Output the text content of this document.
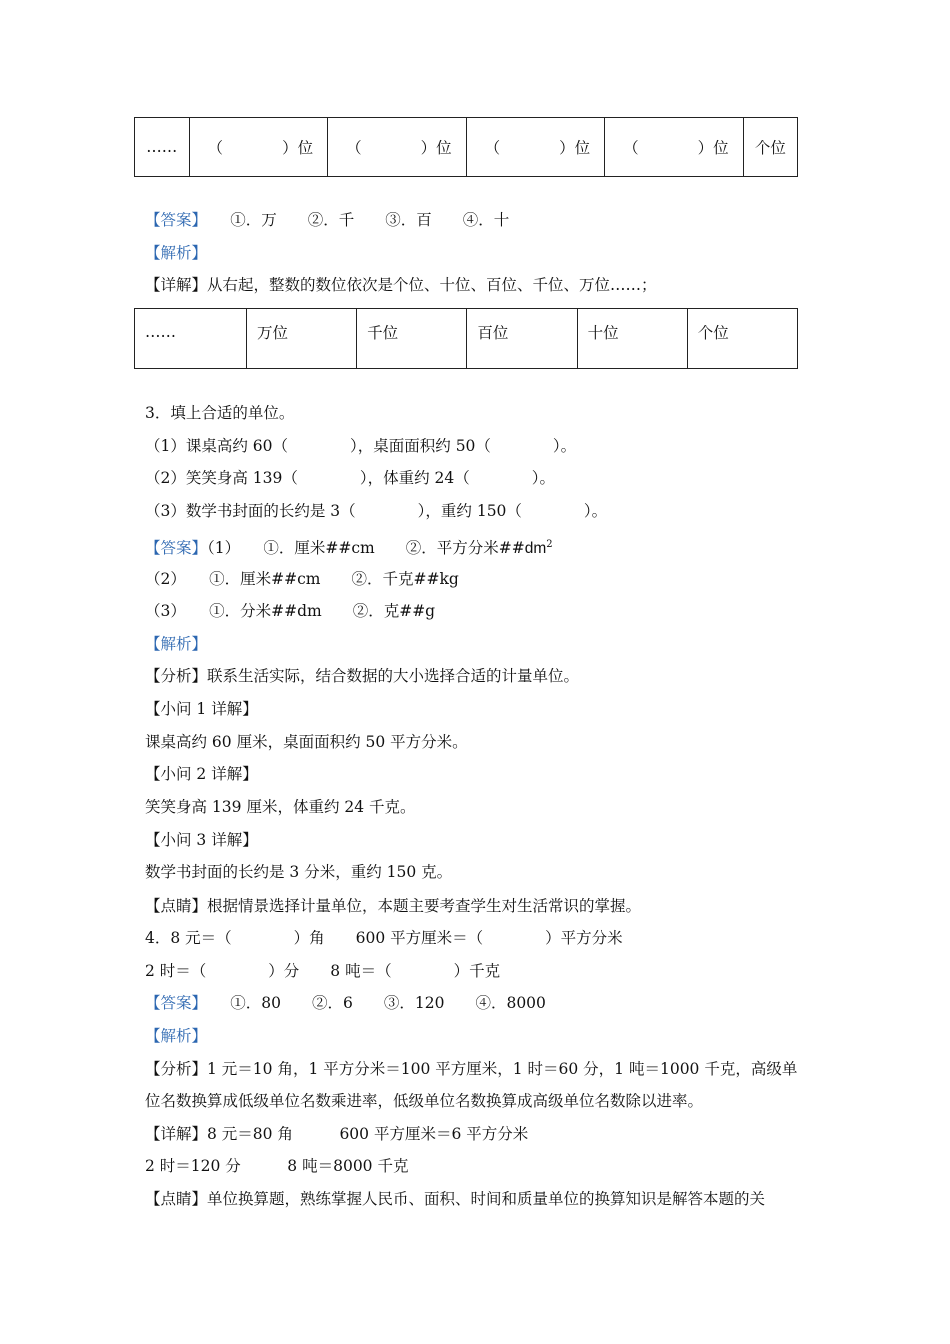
……	（	）位	（	）位	（	）位	（	）位	个位
【答案】　　 ①．万　　②．千　　③．百　　④．十
【解析】
【详解】从右起，整数的数位依次是个位、十位、百位、千位、万位……；
……	万位	千位	百位	十位	个位
3．填上合适的单位。
（1）课桌高约 60（　　　　），桌面面积约 50（　　　　）。
（2）笑笑身高 139（　　　　），体重约 24（　　　　）。
（3）数学书封面的长约是 3（　　　　），重约 150（　　　　）。
【答案】（1）　　①．厘米##cm　　②．平方分米$\#\#dm^2$
（2）　　①．厘米##cm　　②．千克##kg
（3）　　①．分米##dm　　②．克##g
【解析】
【分析】联系生活实际，结合数据的大小选择合适的计量单位。
【小问 1 详解】
课桌高约 60 厘米，桌面面积约 50 平方分米。
【小问 2 详解】
笑笑身高 139 厘米，体重约 24 千克。
【小问 3 详解】
数学书封面的长约是 3 分米，重约 150 克。
【点睛】根据情景选择计量单位，本题主要考查学生对生活常识的掌握。
4．8 元＝（　　　　）角　　600 平方厘米＝（　　　　）平方分米
2 时＝（　　　　）分　　8 吨＝（　　　　）千克
【答案】　　 ①．80　　②．6　　③．120　　④．8000
【解析】
【分析】1 元＝10 角，1 平方分米＝100 平方厘米，1 时＝60 分，1 吨＝1000 千克，高级单
位名数换算成低级单位名数乘进率，低级单位名数换算成高级单位名数除以进率。
【详解】8 元＝80 角　　　600 平方厘米＝6 平方分米
2 时＝120 分　　　8 吨＝8000 千克
【点睛】单位换算题，熟练掌握人民币、面积、时间和质量单位的换算知识是解答本题的关
